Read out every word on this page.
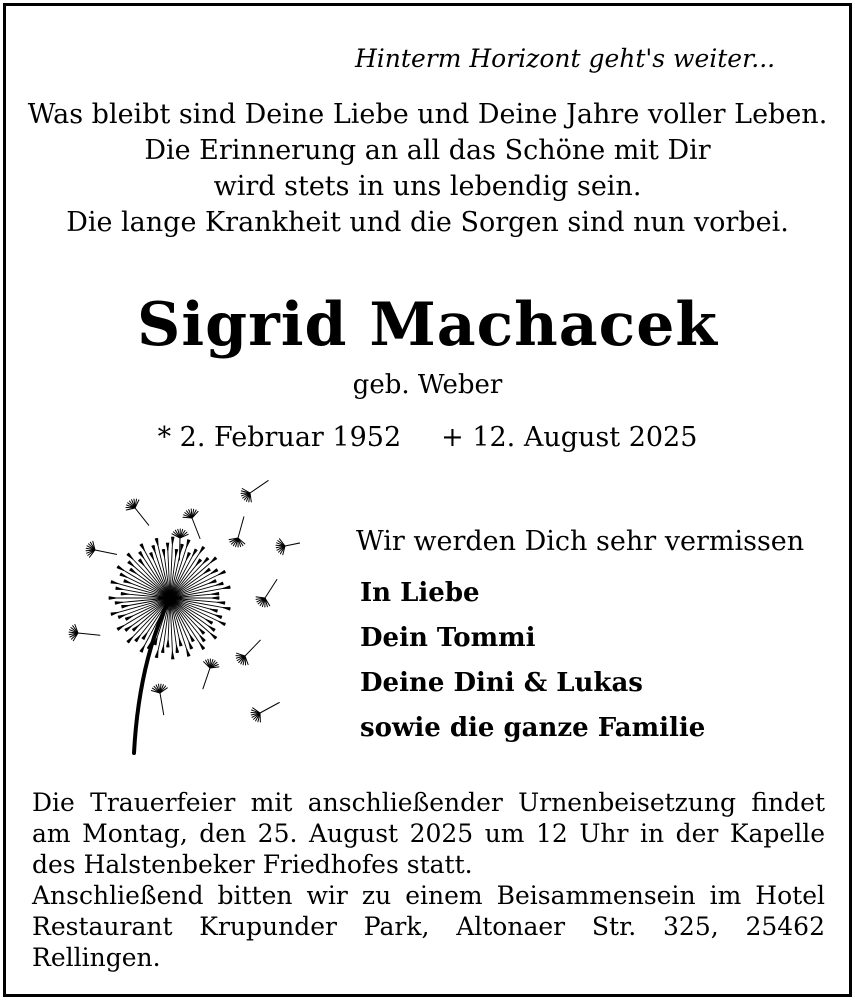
Hinterm Horizont geht's weiter...
Was bleibt sind Deine Liebe und Deine Jahre voller Leben.
Die Erinnerung an all das Schöne mit Dir
wird stets in uns lebendig sein.
Die lange Krankheit und die Sorgen sind nun vorbei.
Sigrid Machacek
geb. Weber
* 2. Februar 1952 + 12. August 2025
Wir werden Dich sehr vermissen
In Liebe
Dein Tommi
Deine Dini & Lukas
sowie die ganze Familie

Die Trauerfeier mit anschließender Urnenbeisetzung findet am Montag, den 25. August 2025 um 12 Uhr in der Kapelle des Halstenbeker Friedhofes statt.

Anschließend bitten wir zu einem Beisammensein im Hotel Restaurant Krupunder Park, Altonaer Str. 325, 25462 Rellingen.
